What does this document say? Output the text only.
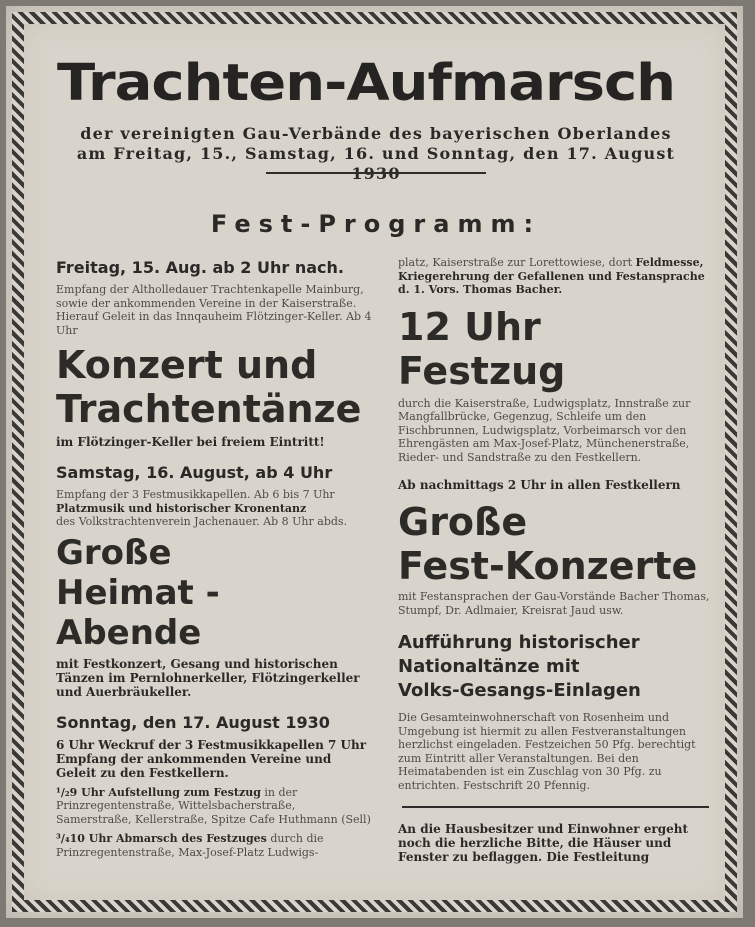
Trachten-Aufmarsch
der vereinigten Gau-Verbände des bayerischen Oberlandes
am Freitag, 15., Samstag, 16. und Sonntag, den 17. August
Fest-Programm:
Freitag, 15. Aug. ab 2 Uhr nach.
Empfang der Altholledauer Trachtenkapelle Mainburg, sowie der ankommenden Vereine in der Kaiserstraße. Hierauf Geleit in das Innqauheim Flötzinger-Keller. Ab 4 Uhr
Konzert und
Trachtentänze
im Flötzinger-Keller bei freiem Eintritt!
Samstag, 16. August, ab 4 Uhr
Empfang der 3 Festmusikkapellen. Ab 6 bis 7 Uhr
Platzmusik und historischer Kronentanz
des Volkstrachtenverein Jachenauer. Ab 8 Uhr abds.
Große
Heimat - Abende
mit Festkonzert, Gesang und historischen Tänzen im Pernlohnerkeller, Flötzingerkeller und Auerbräukeller.
Sonntag, den 17. August 1930
6 Uhr Weckruf der 3 Festmusikkapellen 7 Uhr Empfang der ankommenden Vereine und Geleit zu den Festkellern.
¹/₂9 Uhr Aufstellung zum Festzug in der Prinzregentenstraße, Wittelsbacherstraße, Samerstraße, Kellerstraße, Spitze Cafe Huthmann (Sell)
³/₄10 Uhr Abmarsch des Festzuges durch die Prinzregentenstraße, Max-Josef-Platz Ludwigs-
platz, Kaiserstraße zur Lorettowiese, dort Feldmesse, Kriegerehrung der Gefallenen und Festansprache d. 1. Vors. Thomas Bacher.
12 Uhr Festzug
durch die Kaiserstraße, Ludwigsplatz, Innstraße zur Mangfallbrücke, Gegenzug, Schleife um den Fischbrunnen, Ludwigsplatz, Vorbeimarsch vor den Ehrengästen am Max-Josef-Platz, Münchenerstraße, Rieder- und Sandstraße zu den Festkellern.
Ab nachmittags 2 Uhr in allen Festkellern
Große
Fest-Konzerte
mit Festansprachen der Gau-Vorstände Bacher Thomas, Stumpf, Dr. Adlmaier, Kreisrat Jaud usw.
Aufführung historischer
Nationaltänze mit
Volks-Gesangs-Einlagen
Die Gesamteinwohnerschaft von Rosenheim und Umgebung ist hiermit zu allen Festveranstaltungen herzlichst eingeladen. Festzeichen 50 Pfg. berechtigt zum Eintritt aller Veranstaltungen. Bei den Heimatabenden ist ein Zuschlag von 30 Pfg. zu entrichten. Festschrift 20 Pfennig.
An die Hausbesitzer und Einwohner ergeht noch die herzliche Bitte, die Häuser und Fenster zu beflaggen. Die Festleitung
